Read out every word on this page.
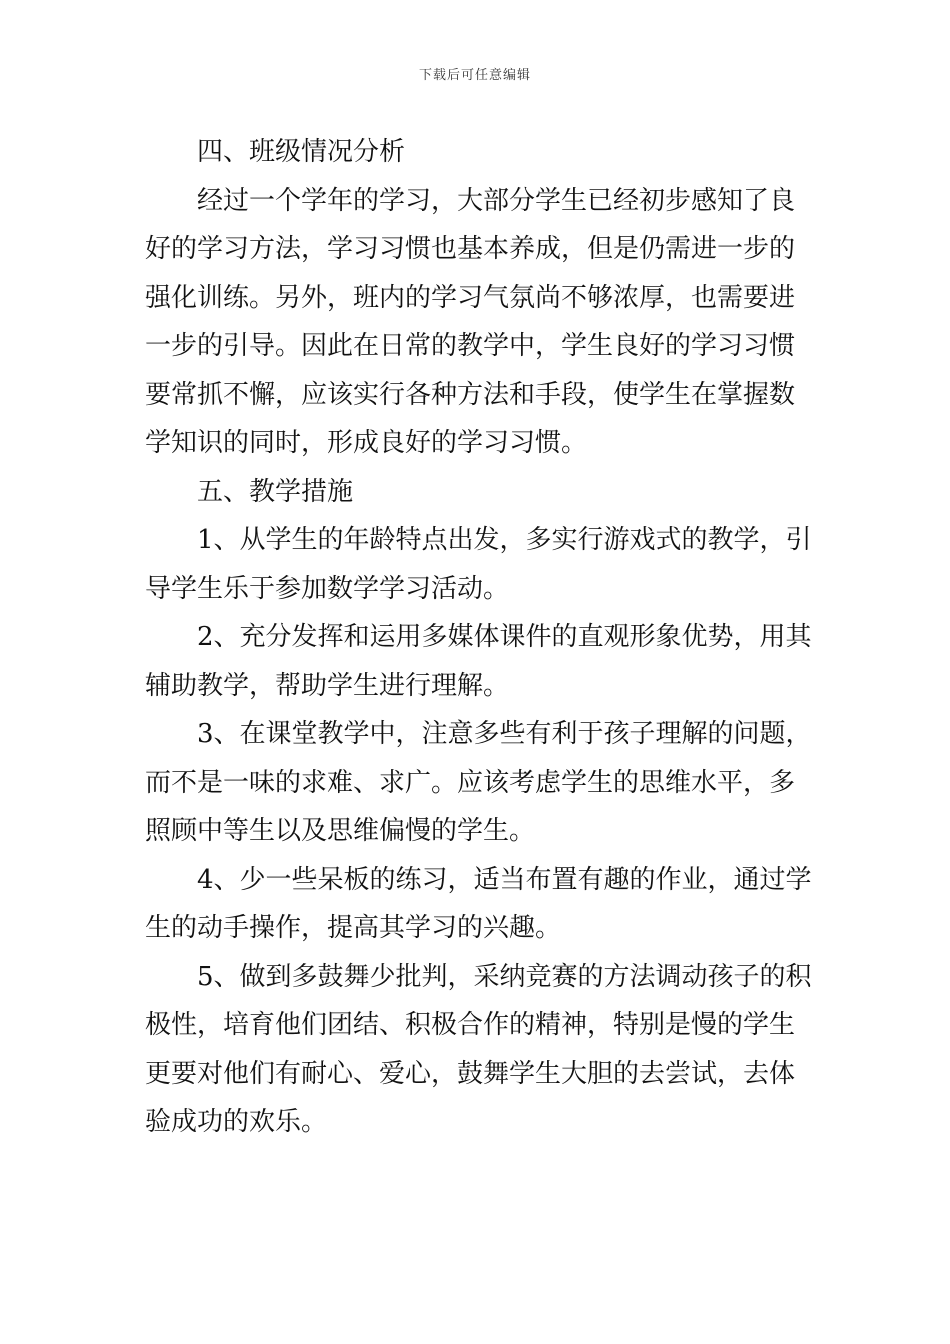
下载后可任意编辑
四、班级情况分析
经过一个学年的学习，大部分学生已经初步感知了良
好的学习方法，学习习惯也基本养成，但是仍需进一步的
强化训练。另外，班内的学习气氛尚不够浓厚，也需要进
一步的引导。因此在日常的教学中，学生良好的学习习惯
要常抓不懈，应该实行各种方法和手段，使学生在掌握数
学知识的同时，形成良好的学习习惯。
五、教学措施
1、从学生的年龄特点出发，多实行游戏式的教学，引
导学生乐于参加数学学习活动。
2、充分发挥和运用多媒体课件的直观形象优势，用其
辅助教学，帮助学生进行理解。
3、在课堂教学中，注意多些有利于孩子理解的问题，
而不是一味的求难、求广。应该考虑学生的思维水平，多
照顾中等生以及思维偏慢的学生。
4、少一些呆板的练习，适当布置有趣的作业，通过学
生的动手操作，提高其学习的兴趣。
5、做到多鼓舞少批判，采纳竞赛的方法调动孩子的积
极性，培育他们团结、积极合作的精神，特别是慢的学生
更要对他们有耐心、爱心，鼓舞学生大胆的去尝试，去体
验成功的欢乐。
